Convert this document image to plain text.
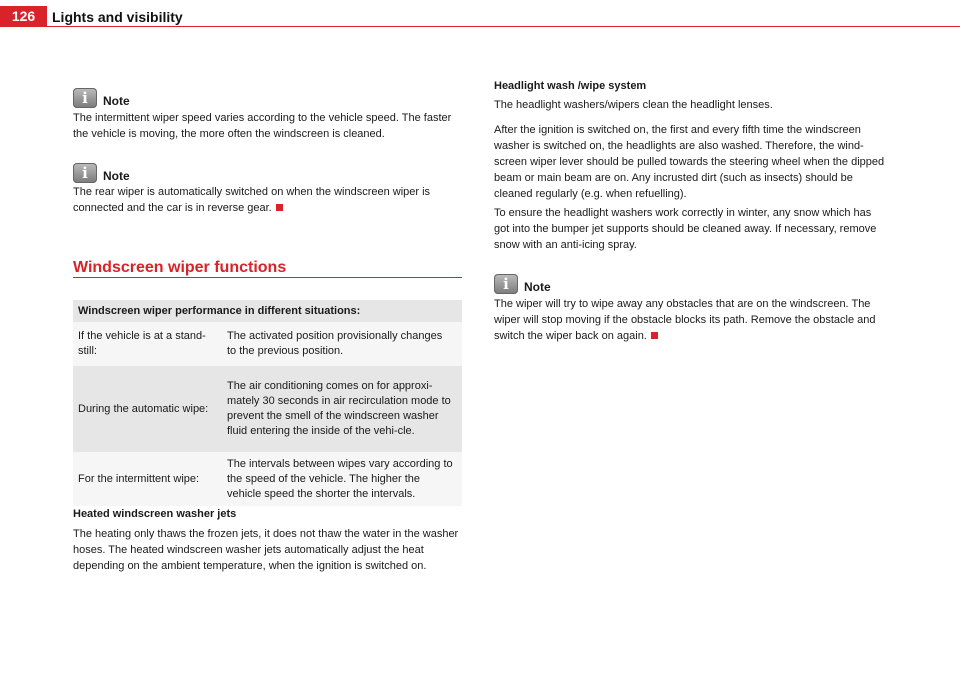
126	Lights and visibility
i	Note

The intermittent wiper speed varies according to the vehicle speed. The faster the vehicle is moving, the more often the windscreen is cleaned.

i	Note

The rear wiper is automatically switched on when the windscreen wiper is connected and the car is in reverse gear.

Windscreen wiper functions
Windscreen wiper performance in different situations:
If the vehicle is at a stand-still:
The activated position provisionally changes to the previous position.
During the automatic wipe:
The air conditioning comes on for approxi-mately 30 seconds in air recirculation mode to prevent the smell of the windscreen washer fluid entering the inside of the vehi-cle.
For the intermittent wipe:
The intervals between wipes vary according to the speed of the vehicle. The higher the vehicle speed the shorter the intervals.

Heated windscreen washer jets

The heating only thaws the frozen jets, it does not thaw the water in the washer hoses. The heated windscreen washer jets automatically adjust the heat depending on the ambient temperature, when the ignition is switched on.

Headlight wash /wipe system

The headlight washers/wipers clean the headlight lenses.

After the ignition is switched on, the first and every fifth time the windscreen washer is switched on, the headlights are also washed. Therefore, the wind-screen wiper lever should be pulled towards the steering wheel when the dipped beam or main beam are on. Any incrusted dirt (such as insects) should be cleaned regularly (e.g. when refuelling).

To ensure the headlight washers work correctly in winter, any snow which has got into the bumper jet supports should be cleaned away. If necessary, remove snow with an anti-icing spray.

i	Note

The wiper will try to wipe away any obstacles that are on the windscreen. The wiper will stop moving if the obstacle blocks its path. Remove the obstacle and switch the wiper back on again.
